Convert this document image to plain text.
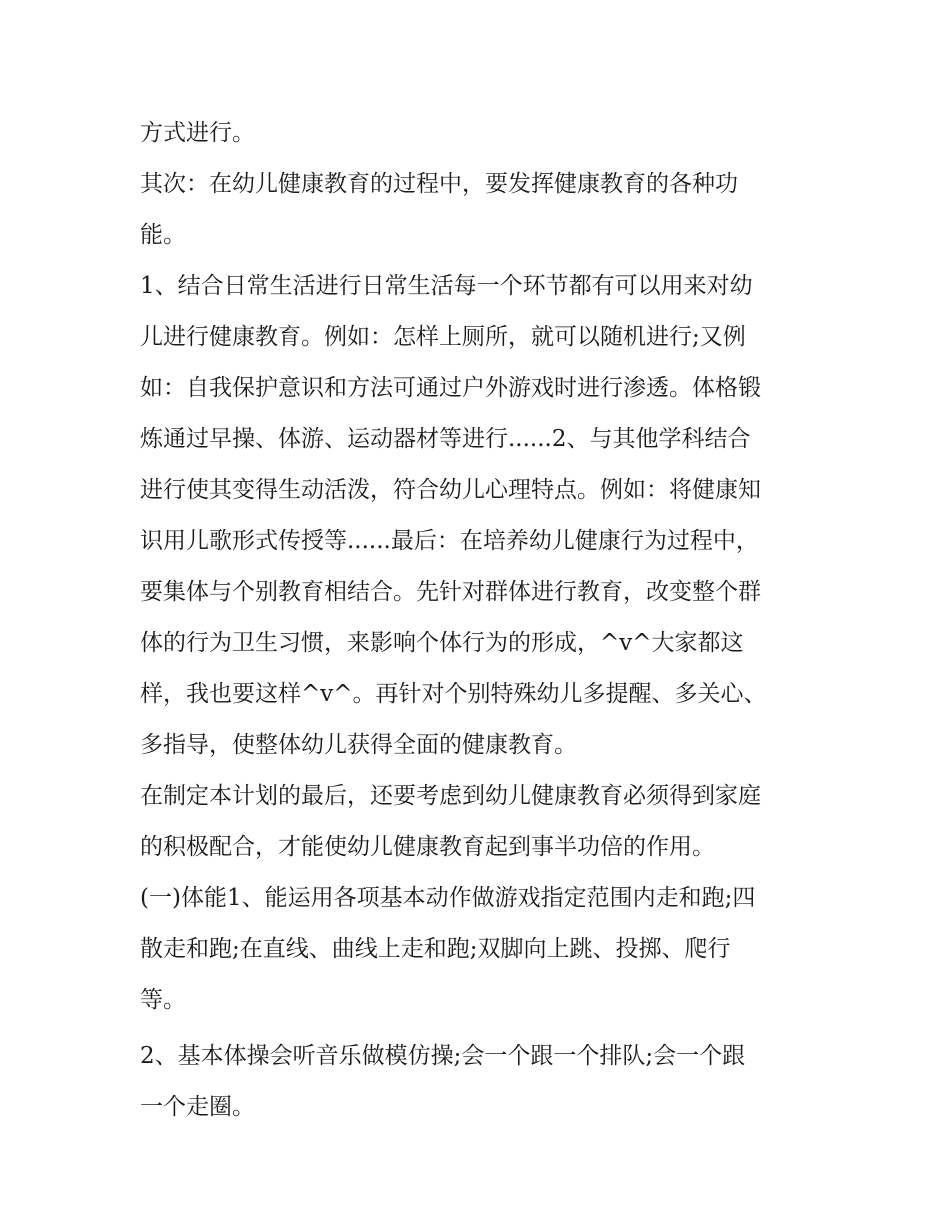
方式进行。

其次：在幼儿健康教育的过程中，要发挥健康教育的各种功

能。

1、结合日常生活进行日常生活每一个环节都有可以用来对幼

儿进行健康教育。例如：怎样上厕所，就可以随机进行;又例

如：自我保护意识和方法可通过户外游戏时进行渗透。体格锻

炼通过早操、体游、运动器材等进行......2、与其他学科结合

进行使其变得生动活泼，符合幼儿心理特点。例如：将健康知

识用儿歌形式传授等......最后：在培养幼儿健康行为过程中，

要集体与个别教育相结合。先针对群体进行教育，改变整个群

体的行为卫生习惯，来影响个体行为的形成，^v^大家都这

样，我也要这样^v^。再针对个别特殊幼儿多提醒、多关心、

多指导，使整体幼儿获得全面的健康教育。

在制定本计划的最后，还要考虑到幼儿健康教育必须得到家庭

的积极配合，才能使幼儿健康教育起到事半功倍的作用。

(一)体能1、能运用各项基本动作做游戏指定范围内走和跑;四

散走和跑;在直线、曲线上走和跑;双脚向上跳、投掷、爬行

等。

2、基本体操会听音乐做模仿操;会一个跟一个排队;会一个跟

一个走圈。
